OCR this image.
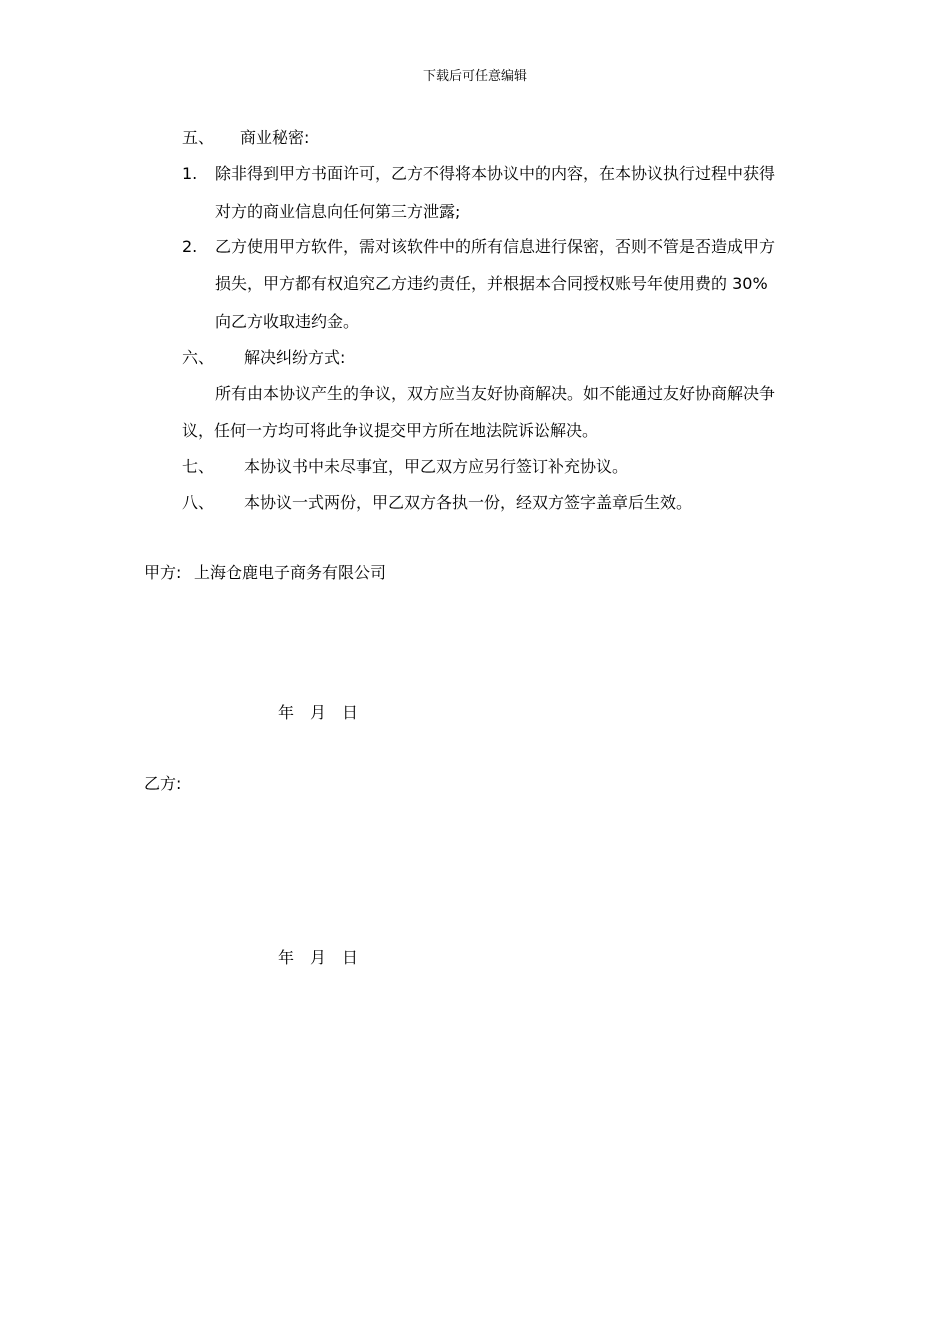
下载后可任意编辑
五、 商业秘密:
1. 除非得到甲方书面许可，乙方不得将本协议中的内容，在本协议执行过程中获得
对方的商业信息向任何第三方泄露;
2. 乙方使用甲方软件，需对该软件中的所有信息进行保密，否则不管是否造成甲方
损失，甲方都有权追究乙方违约责任，并根据本合同授权账号年使用费的 30%
向乙方收取违约金。
六、 解决纠纷方式:
所有由本协议产生的争议，双方应当友好协商解决。如不能通过友好协商解决争
议，任何一方均可将此争议提交甲方所在地法院诉讼解决。
七、 本协议书中未尽事宜，甲乙双方应另行签订补充协议。
八、 本协议一式两份，甲乙双方各执一份，经双方签字盖章后生效。
甲方: 上海仓鹿电子商务有限公司
年　月　日
乙方:
年　月　日
